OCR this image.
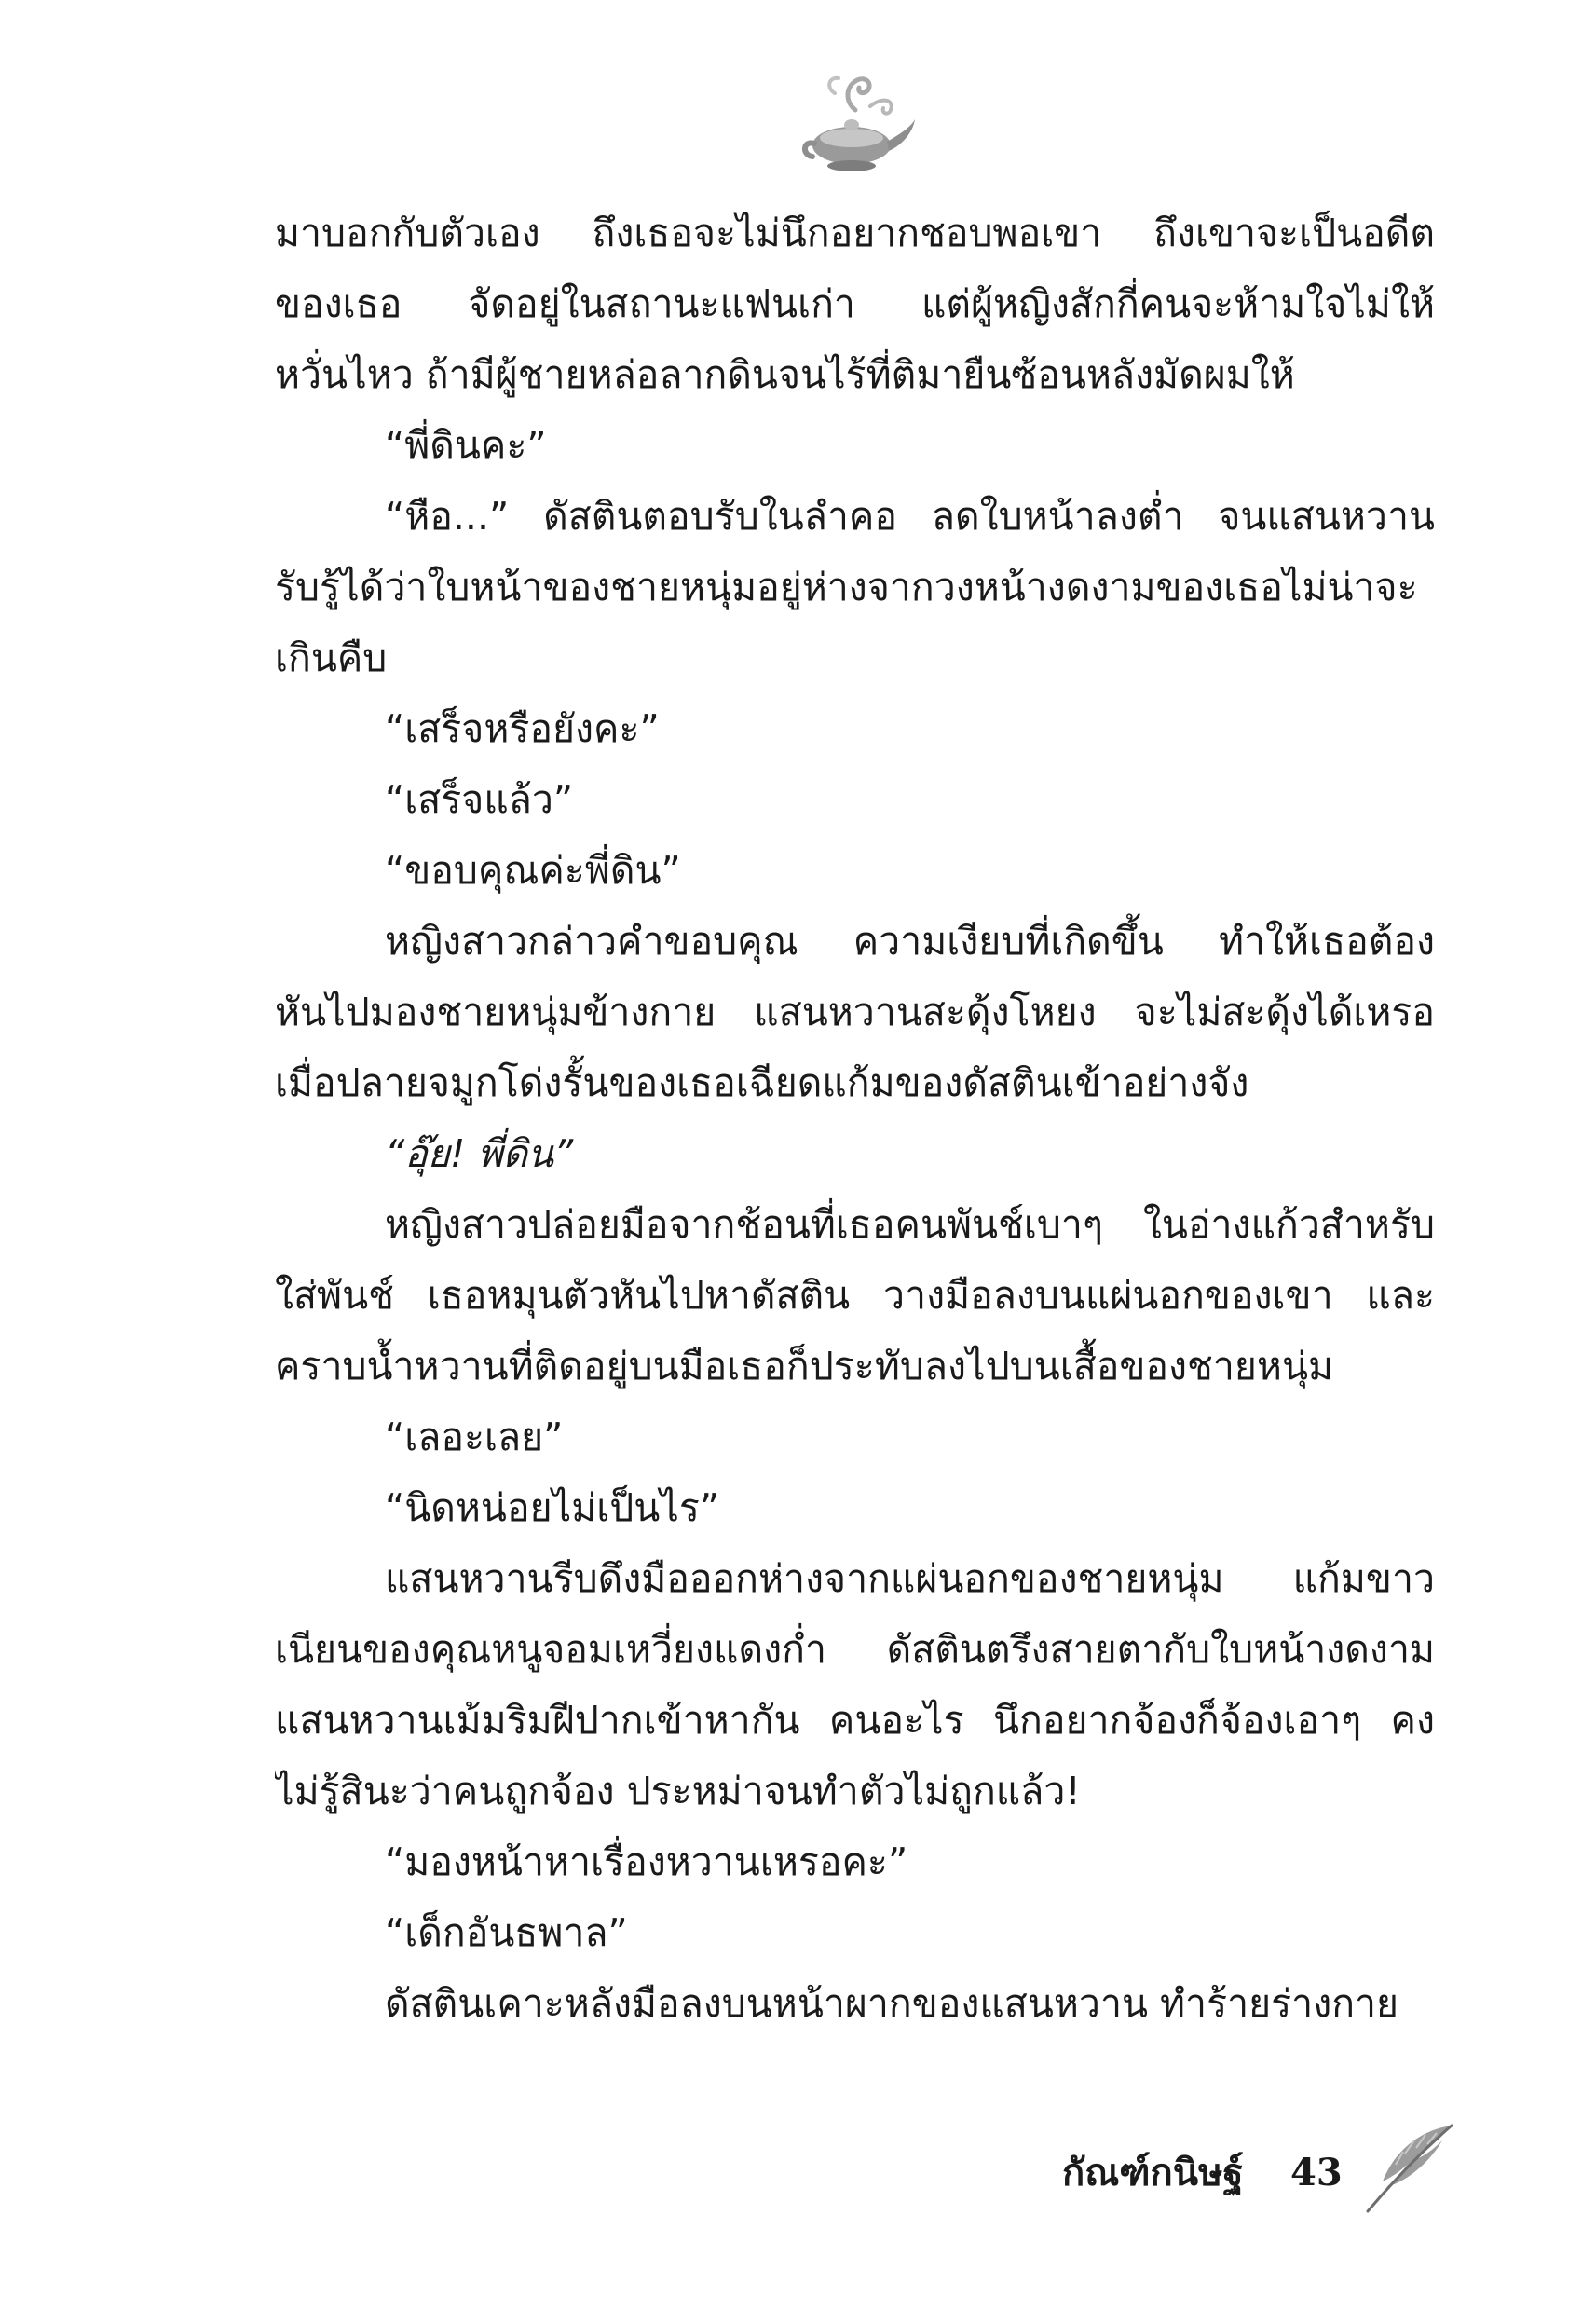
มาบอกกับตัวเอง ถึงเธอจะไม่นึกอยากชอบพอเขา ถึงเขาจะเป็นอดีต
ของเธอ จัดอยู่ในสถานะแฟนเก่า แต่ผู้หญิงสักกี่คนจะห้ามใจไม่ให้
หวั่นไหว ถ้ามีผู้ชายหล่อลากดินจนไร้ที่ติมายืนซ้อนหลังมัดผมให้
“พี่ดินคะ”
“หือ...” ดัสตินตอบรับในลำคอ ลดใบหน้าลงต่ำ จนแสนหวาน
รับรู้ได้ว่าใบหน้าของชายหนุ่มอยู่ห่างจากวงหน้างดงามของเธอไม่น่าจะ
เกินคืบ
“เสร็จหรือยังคะ”
“เสร็จแล้ว”
“ขอบคุณค่ะพี่ดิน”
หญิงสาวกล่าวคำขอบคุณ ความเงียบที่เกิดขึ้น ทำให้เธอต้อง
หันไปมองชายหนุ่มข้างกาย แสนหวานสะดุ้งโหยง จะไม่สะดุ้งได้เหรอ
เมื่อปลายจมูกโด่งรั้นของเธอเฉียดแก้มของดัสตินเข้าอย่างจัง
“อุ๊ย! พี่ดิน”
หญิงสาวปล่อยมือจากช้อนที่เธอคนพันช์เบาๆ ในอ่างแก้วสำหรับ
ใส่พันช์ เธอหมุนตัวหันไปหาดัสติน วางมือลงบนแผ่นอกของเขา และ
คราบน้ำหวานที่ติดอยู่บนมือเธอก็ประทับลงไปบนเสื้อของชายหนุ่ม
“เลอะเลย”
“นิดหน่อยไม่เป็นไร”
แสนหวานรีบดึงมือออกห่างจากแผ่นอกของชายหนุ่ม แก้มขาว
เนียนของคุณหนูจอมเหวี่ยงแดงก่ำ ดัสตินตรึงสายตากับใบหน้างดงาม
แสนหวานเม้มริมฝีปากเข้าหากัน คนอะไร นึกอยากจ้องก็จ้องเอาๆ คง
ไม่รู้สินะว่าคนถูกจ้อง ประหม่าจนทำตัวไม่ถูกแล้ว!
“มองหน้าหาเรื่องหวานเหรอคะ”
“เด็กอันธพาล”
ดัสตินเคาะหลังมือลงบนหน้าผากของแสนหวาน ทำร้ายร่างกาย
กัณฑ์กนิษฐ์ 43
